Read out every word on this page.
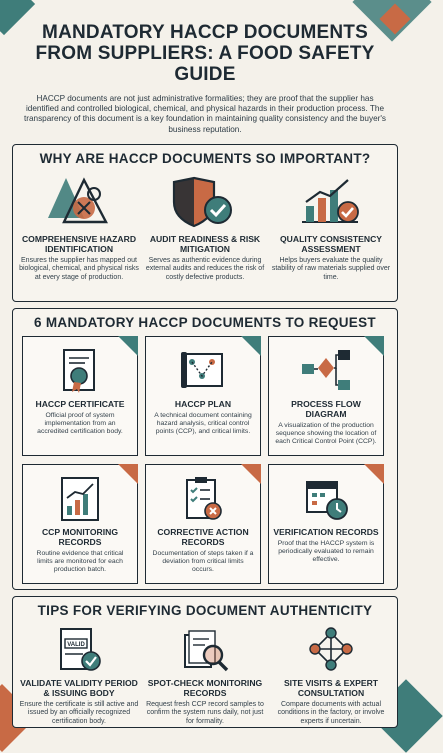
MANDATORY HACCP DOCUMENTS FROM SUPPLIERS: A FOOD SAFETY GUIDE
HACCP documents are not just administrative formalities; they are proof that the supplier has identified and controlled biological, chemical, and physical hazards in their production process. The transparency of this document is a key foundation in maintaining quality consistency and the buyer's business reputation.
WHY ARE HACCP DOCUMENTS SO IMPORTANT?
COMPREHENSIVE HAZARD IDENTIFICATION
Ensures the supplier has mapped out biological, chemical, and physical risks at every stage of production.
AUDIT READINESS & RISK MITIGATION
Serves as authentic evidence during external audits and reduces the risk of costly defective products.
QUALITY CONSISTENCY ASSESSMENT
Helps buyers evaluate the quality stability of raw materials supplied over time.
6 MANDATORY HACCP DOCUMENTS TO REQUEST
HACCP CERTIFICATE
Official proof of system implementation from an accredited certification body.
HACCP PLAN
A technical document containing hazard analysis, critical control points (CCP), and critical limits.
PROCESS FLOW DIAGRAM
A visualization of the production sequence showing the location of each Critical Control Point (CCP).
CCP MONITORING RECORDS
Routine evidence that critical limits are monitored for each production batch.
CORRECTIVE ACTION RECORDS
Documentation of steps taken if a deviation from critical limits occurs.
VERIFICATION RECORDS
Proof that the HACCP system is periodically evaluated to remain effective.
TIPS FOR VERIFYING DOCUMENT AUTHENTICITY
VALID
VALIDATE VALIDITY PERIOD & ISSUING BODY
Ensure the certificate is still active and issued by an officially recognized certification body.
SPOT-CHECK MONITORING RECORDS
Request fresh CCP record samples to confirm the system runs daily, not just for formality.
SITE VISITS & EXPERT CONSULTATION
Compare documents with actual conditions in the factory, or involve experts if uncertain.
